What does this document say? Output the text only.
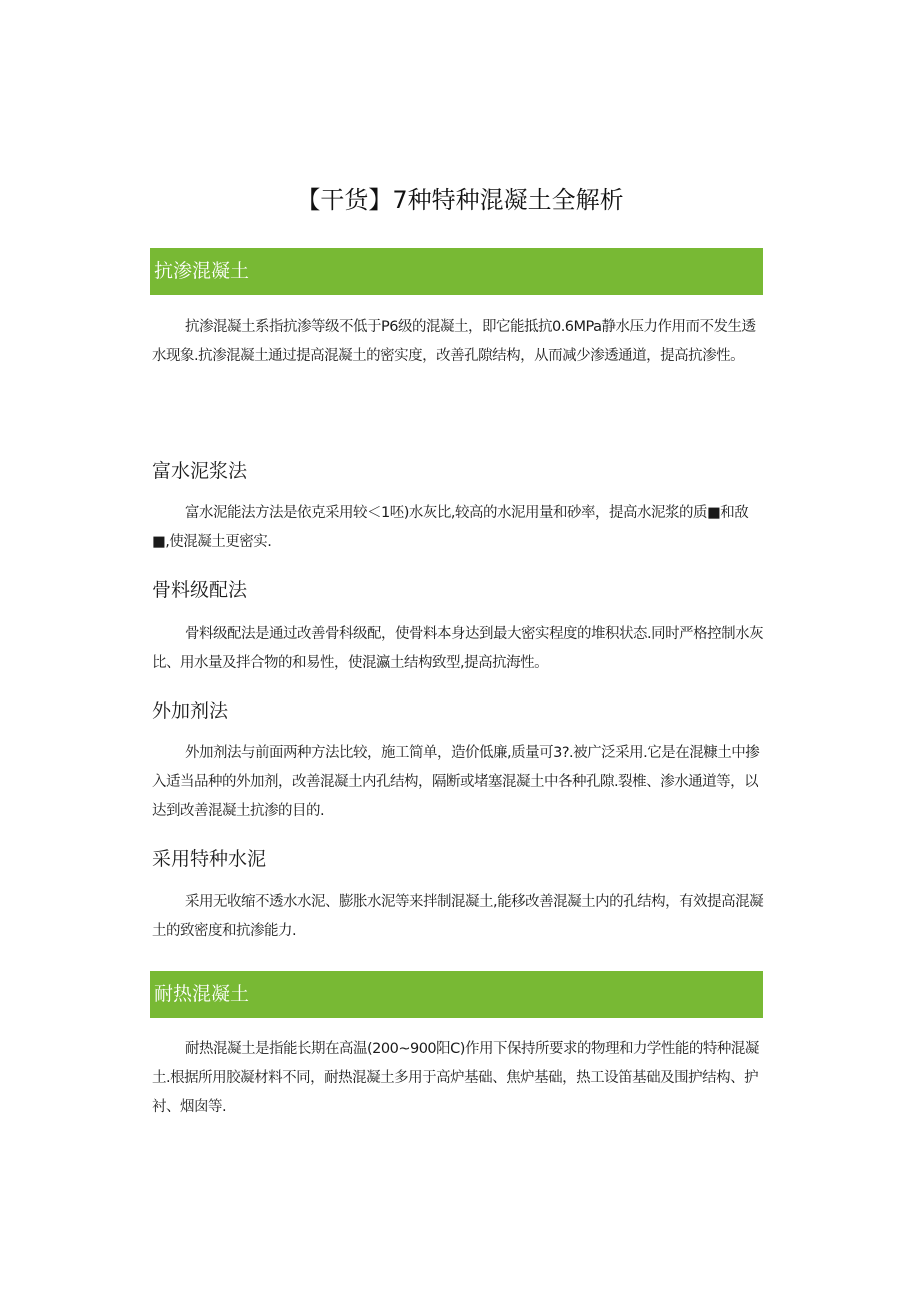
【干货】7种特种混凝土全解析
抗渗混凝土
抗渗混凝土系指抗渗等级不低于P6级的混凝土，即它能抵抗0.6MPa静水压力作用而不发生透水现象.抗渗混凝土通过提高混凝土的密实度，改善孔隙结构，从而减少渗透通道，提高抗渗性。
富水泥浆法
富水泥能法方法是依克采用较＜1呸)水灰比,较高的水泥用量和砂率，提高水泥浆的质■和敌■,使混凝土更密实.
骨料级配法
骨料级配法是通过改善骨科级配，使骨料本身达到最大密实程度的堆积状态.同时严格控制水灰比、用水量及拌合物的和易性，使混瀛土结构致型,提高抗海性。
外加剂法
外加剂法与前面两种方法比较，施工简单，造价低廉,质量可3?.被广泛采用.它是在混糠土中掺入适当品种的外加剂，改善混凝土内孔结构，隔断或堵塞混凝土中各种孔隙.裂椎、渗水通道等，以达到改善混凝土抗渗的目的.
采用特种水泥
采用无收缩不透水水泥、膨胀水泥等来拌制混凝土,能移改善混凝土内的孔结构，有效提高混凝土的致密度和抗渗能力.
耐热混凝土
耐热混凝土是指能长期在高温(200~900阳C)作用下保持所要求的物理和力学性能的特种混凝土.根据所用胶凝材料不同，耐热混凝土多用于高炉基础、焦炉基础，热工设笛基础及围护结构、护衬、烟囱等.
